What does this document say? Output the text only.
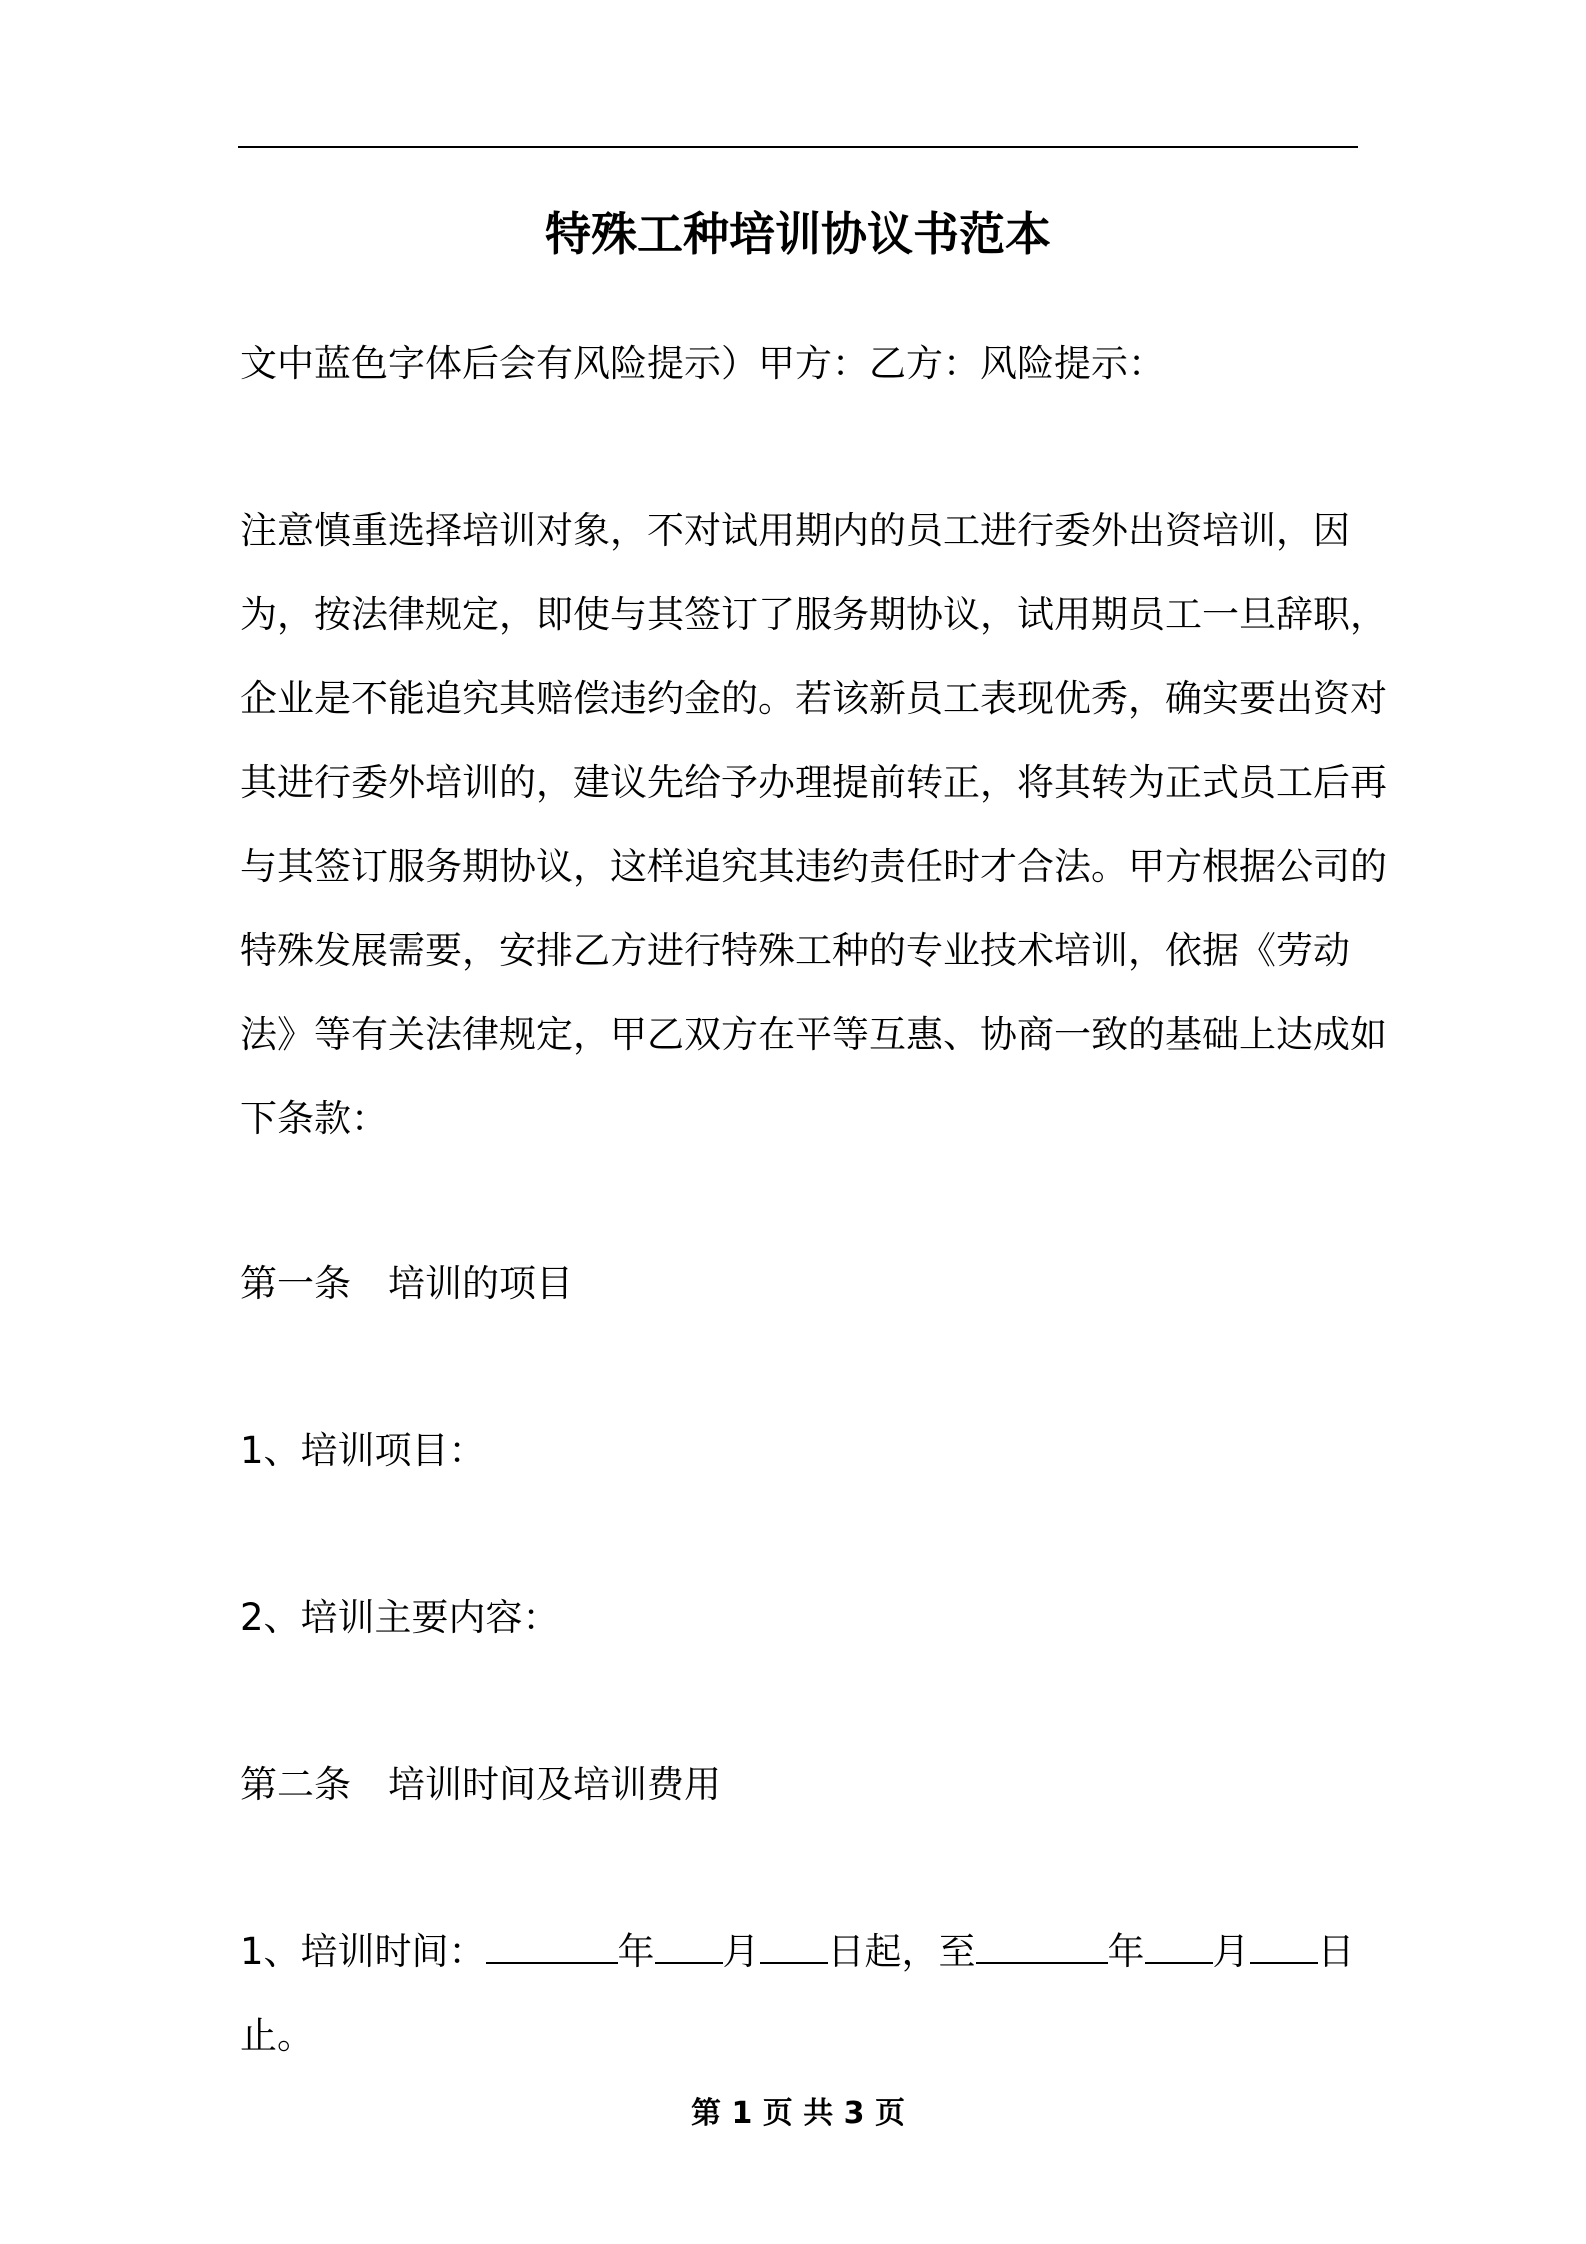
特殊工种培训协议书范本

文中蓝色字体后会有风险提示）甲方：乙方：风险提示：

注意慎重选择培训对象，不对试用期内的员工进行委外出资培训，因为，按法律规定，即使与其签订了服务期协议，试用期员工一旦辞职，企业是不能追究其赔偿违约金的。若该新员工表现优秀，确实要出资对其进行委外培训的，建议先给予办理提前转正，将其转为正式员工后再与其签订服务期协议，这样追究其违约责任时才合法。甲方根据公司的特殊发展需要，安排乙方进行特殊工种的专业技术培训，依据《劳动法》等有关法律规定，甲乙双方在平等互惠、协商一致的基础上达成如下条款：

第一条　培训的项目

1、培训项目：

2、培训主要内容：

第二条　培训时间及培训费用

1、培训时间：	年 月 日起，至	年 月 日止。

第 1 页 共 3 页
